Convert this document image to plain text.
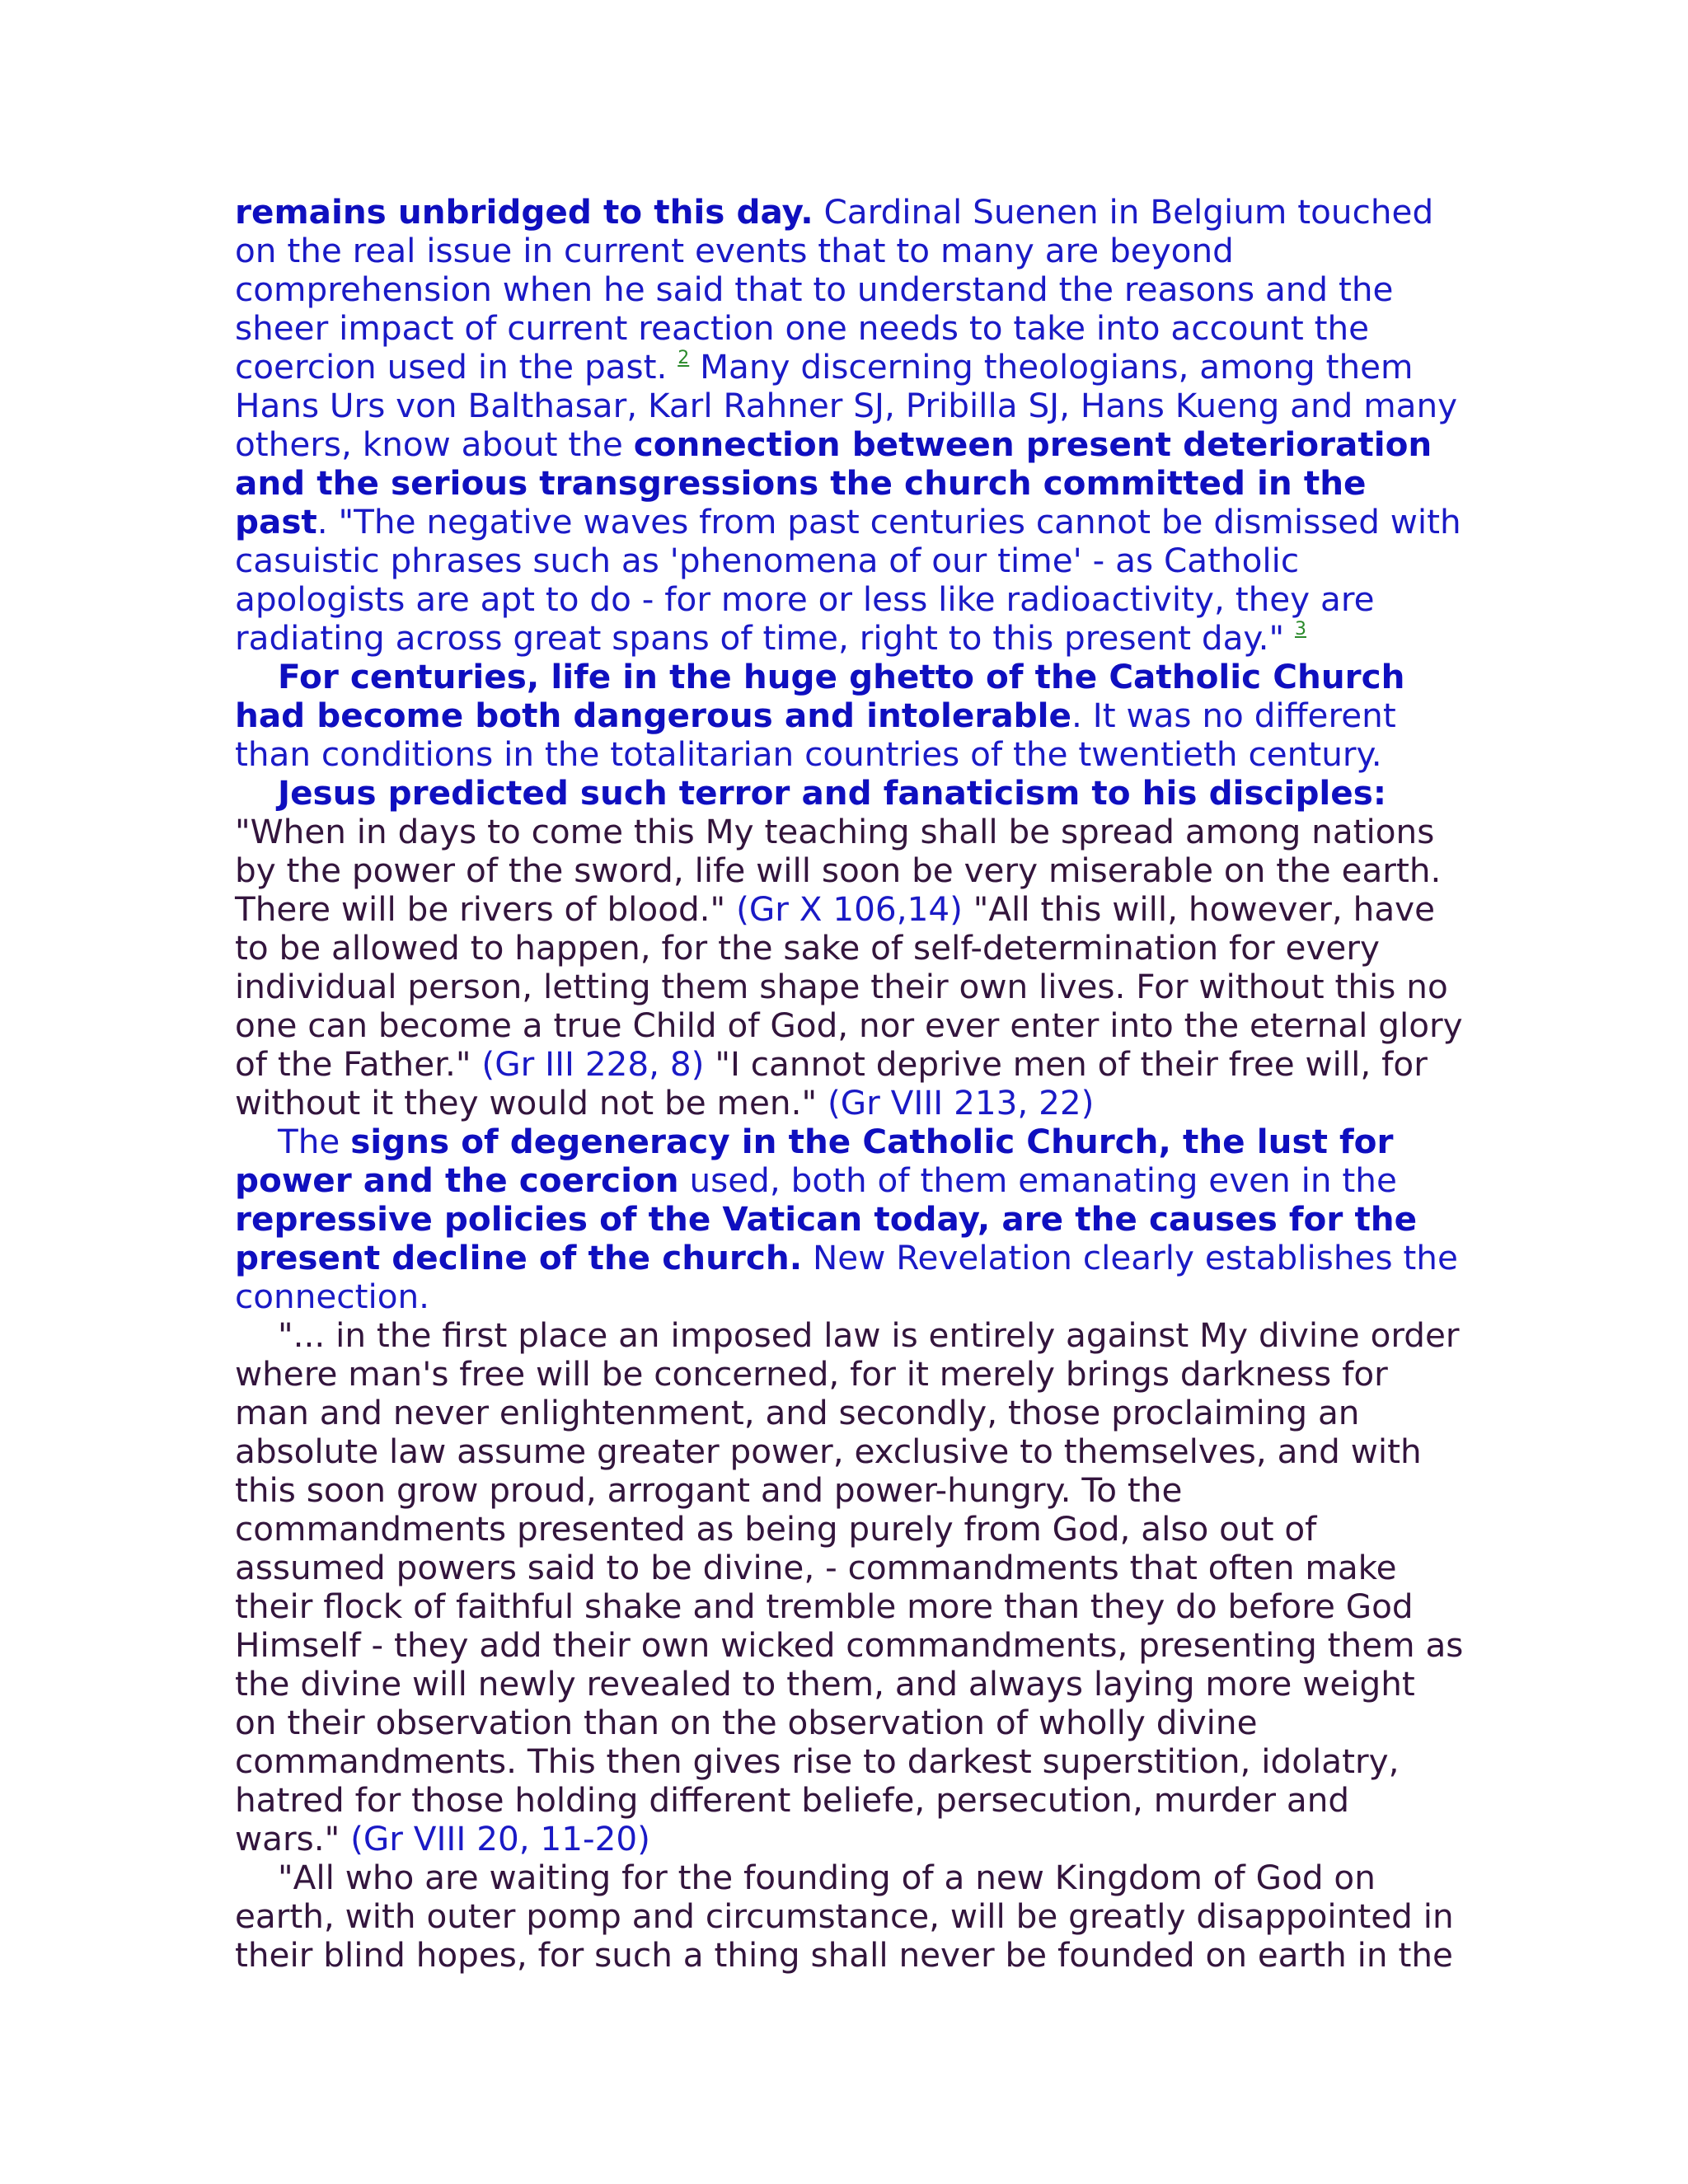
remains unbridged to this day. Cardinal Suenen in Belgium touched
on the real issue in current events that to many are beyond
comprehension when he said that to understand the reasons and the
sheer impact of current reaction one needs to take into account the
coercion used in the past. $^2$ Many discerning theologians, among them
Hans Urs von Balthasar, Karl Rahner SJ, Pribilla SJ, Hans Kueng and many
others, know about the connection between present deterioration
and the serious transgressions the church committed in the
past. "The negative waves from past centuries cannot be dismissed with
casuistic phrases such as 'phenomena of our time' - as Catholic
apologists are apt to do - for more or less like radioactivity, they are
radiating across great spans of time, right to this present day." $^3$
For centuries, life in the huge ghetto of the Catholic Church
had become both dangerous and intolerable. It was no different
than conditions in the totalitarian countries of the twentieth century.
Jesus predicted such terror and fanaticism to his disciples:
"When in days to come this My teaching shall be spread among nations
by the power of the sword, life will soon be very miserable on the earth.
There will be rivers of blood." (Gr X 106,14) "All this will, however, have
to be allowed to happen, for the sake of self-determination for every
individual person, letting them shape their own lives. For without this no
one can become a true Child of God, nor ever enter into the eternal glory
of the Father." (Gr III 228, 8) "I cannot deprive men of their free will, for
without it they would not be men." (Gr VIII 213, 22)
The signs of degeneracy in the Catholic Church, the lust for
power and the coercion used, both of them emanating even in the
repressive policies of the Vatican today, are the causes for the
present decline of the church. New Revelation clearly establishes the
connection.
"... in the first place an imposed law is entirely against My divine order
where man's free will be concerned, for it merely brings darkness for
man and never enlightenment, and secondly, those proclaiming an
absolute law assume greater power, exclusive to themselves, and with
this soon grow proud, arrogant and power-hungry. To the
commandments presented as being purely from God, also out of
assumed powers said to be divine, - commandments that often make
their flock of faithful shake and tremble more than they do before God
Himself - they add their own wicked commandments, presenting them as
the divine will newly revealed to them, and always laying more weight
on their observation than on the observation of wholly divine
commandments. This then gives rise to darkest superstition, idolatry,
hatred for those holding different beliefe, persecution, murder and
wars." (Gr VIII 20, 11-20)
"All who are waiting for the founding of a new Kingdom of God on
earth, with outer pomp and circumstance, will be greatly disappointed in
their blind hopes, for such a thing shall never be founded on earth in the
